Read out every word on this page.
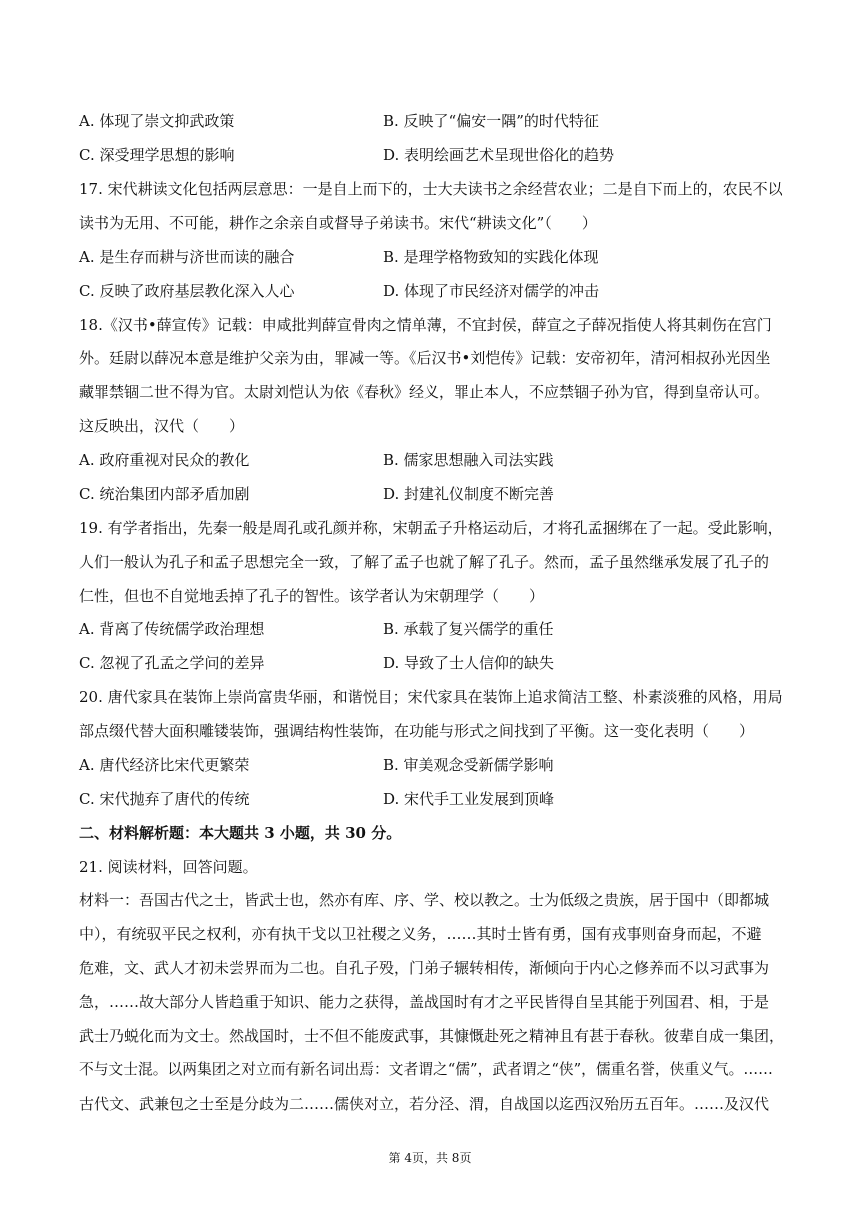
A. 体现了崇文抑武政策	B. 反映了“偏安一隅”的时代特征
C. 深受理学思想的影响	D. 表明绘画艺术呈现世俗化的趋势
17. 宋代耕读文化包括两层意思：一是自上而下的，士大夫读书之余经营农业；二是自下而上的，农民不以
读书为无用、不可能，耕作之余亲自或督导子弟读书。宋代“耕读文化”（　　）
A. 是生存而耕与济世而读的融合	B. 是理学格物致知的实践化体现
C. 反映了政府基层教化深入人心	D. 体现了市民经济对儒学的冲击
18.《汉书•薛宣传》记载：申咸批判薛宣骨肉之情单薄，不宜封侯，薛宣之子薛况指使人将其刺伤在宫门
外。廷尉以薛况本意是维护父亲为由，罪减一等。《后汉书•刘恺传》记载：安帝初年，清河相叔孙光因坐
藏罪禁锢二世不得为官。太尉刘恺认为依《春秋》经义，罪止本人，不应禁锢子孙为官，得到皇帝认可。
这反映出，汉代（　　）
A. 政府重视对民众的教化	B. 儒家思想融入司法实践
C. 统治集团内部矛盾加剧	D. 封建礼仪制度不断完善
19. 有学者指出，先秦一般是周孔或孔颜并称，宋朝孟子升格运动后，才将孔孟捆绑在了一起。受此影响，
人们一般认为孔子和孟子思想完全一致，了解了孟子也就了解了孔子。然而，孟子虽然继承发展了孔子的
仁性，但也不自觉地丢掉了孔子的智性。该学者认为宋朝理学（　　）
A. 背离了传统儒学政治理想	B. 承载了复兴儒学的重任
C. 忽视了孔孟之学问的差异	D. 导致了士人信仰的缺失
20. 唐代家具在装饰上崇尚富贵华丽，和谐悦目；宋代家具在装饰上追求简洁工整、朴素淡雅的风格，用局
部点缀代替大面积雕镂装饰，强调结构性装饰，在功能与形式之间找到了平衡。这一变化表明（　　）
A. 唐代经济比宋代更繁荣	B. 审美观念受新儒学影响
C. 宋代抛弃了唐代的传统	D. 宋代手工业发展到顶峰
二、材料解析题：本大题共 3 小题，共 30 分。
21. 阅读材料，回答问题。
材料一：吾国古代之士，皆武士也，然亦有库、序、学、校以教之。士为低级之贵族，居于国中（即都城
中），有统驭平民之权利，亦有执干戈以卫社稷之义务，……其时士皆有勇，国有戎事则奋身而起，不避
危难，文、武人才初未尝界而为二也。自孔子殁，门弟子辗转相传，渐倾向于内心之修养而不以习武事为
急，……故大部分人皆趋重于知识、能力之获得，盖战国时有才之平民皆得自呈其能于列国君、相，于是
武士乃蜕化而为文士。然战国时，士不但不能废武事，其慷慨赴死之精神且有甚于春秋。彼辈自成一集团，
不与文士混。以两集团之对立而有新名词出焉：文者谓之“儒”，武者谓之“侠”，儒重名誉，侠重义气。……
古代文、武兼包之士至是分歧为二……儒侠对立，若分泾、渭，自战国以迄西汉殆历五百年。……及汉代
第 4页，共 8页
